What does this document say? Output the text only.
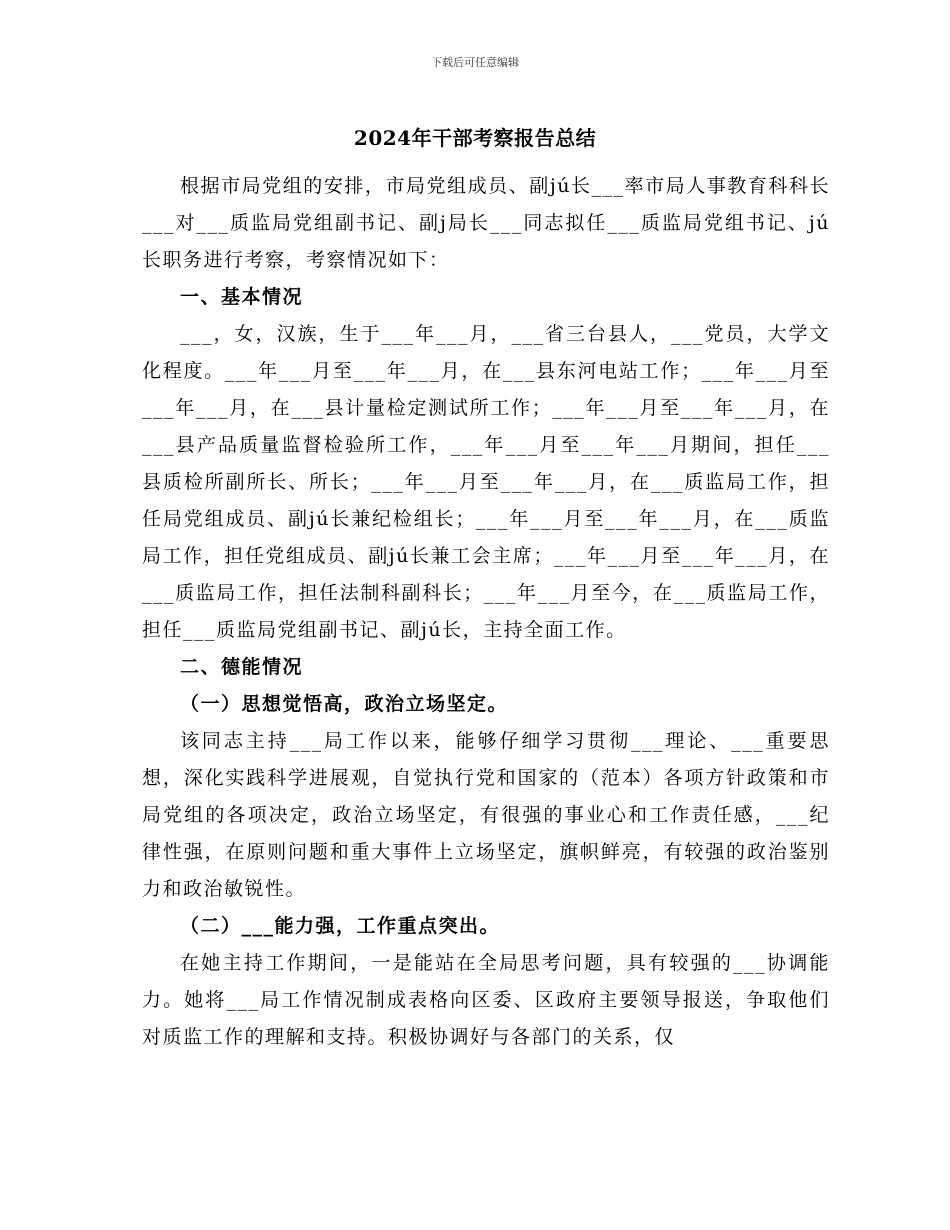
下载后可任意编辑
2024年干部考察报告总结

根据市局党组的安排，市局党组成员、副jú长___率市局人事教育科科长___对___质监局党组副书记、副j局长___同志拟任___质监局党组书记、jú长职务进行考察，考察情况如下：

一、基本情况

___，女，汉族，生于___年___月，___省三台县人，___党员，大学文化程度。___年___月至___年___月，在___县东河电站工作；___年___月至___年___月，在___县计量检定测试所工作；___年___月至___年___月，在___县产品质量监督检验所工作，___年___月至___年___月期间，担任___县质检所副所长、所长；___年___月至___年___月，在___质监局工作，担任局党组成员、副jú长兼纪检组长；___年___月至___年___月，在___质监局工作，担任党组成员、副jú长兼工会主席；___年___月至___年___月，在___质监局工作，担任法制科副科长；___年___月至今，在___质监局工作，担任___质监局党组副书记、副jú长，主持全面工作。

二、德能情况
（一）思想觉悟高，政治立场坚定。

该同志主持___局工作以来，能够仔细学习贯彻___理论、___重要思想，深化实践科学进展观，自觉执行党和国家的（范本）各项方针政策和市局党组的各项决定，政治立场坚定，有很强的事业心和工作责任感，___纪律性强，在原则问题和重大事件上立场坚定，旗帜鲜亮，有较强的政治鉴别力和政治敏锐性。

（二）___能力强，工作重点突出。

在她主持工作期间，一是能站在全局思考问题，具有较强的___协调能力。她将___局工作情况制成表格向区委、区政府主要领导报送，争取他们对质监工作的理解和支持。积极协调好与各部门的关系，仅
